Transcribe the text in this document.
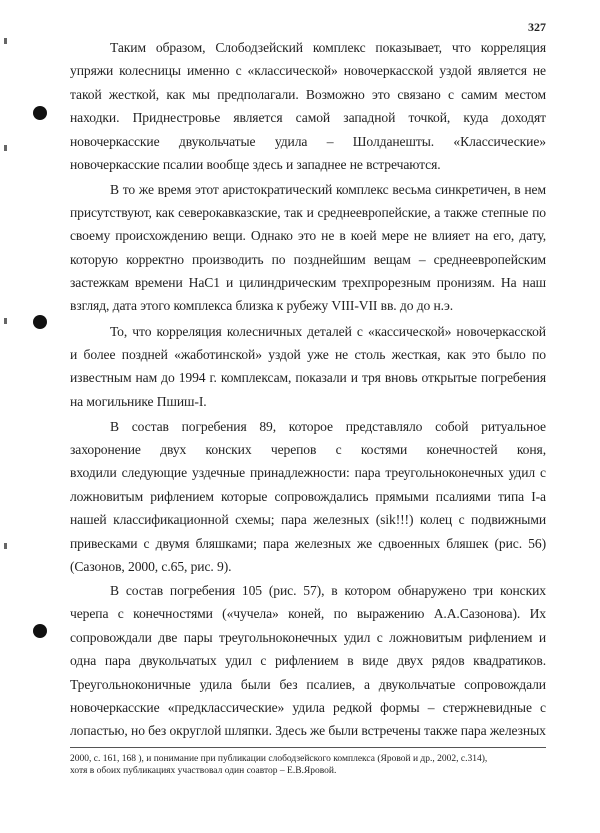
327
Таким образом, Слободзейский комплекс показывает, что корреляция
упряжи колесницы именно с «классической» новочеркасской уздой является не
такой жесткой, как мы предполагали. Возможно это связано с самим местом
находки. Приднестровье является самой западной точкой, куда доходят
новочеркасские двукольчатые удила – Шолданешты. «Классические»
новочеркасские псалии вообще здесь и западнее не встречаются.
В то же время этот аристократический комплекс весьма синкретичен, в нем
присутствуют, как северокавказские, так и среднеевропейские, а также степные по
своему происхождению вещи. Однако это не в коей мере не влияет на его, дату,
которую корректно производить по позднейшим вещам – среднеевропейским
застежкам времени НаС1 и цилиндрическим трехпрорезным пронизям. На наш
взгляд, дата этого комплекса близка к рубежу VIII-VII вв. до до н.э.
То, что корреляция колесничных деталей с «кассической» новочеркасской
и более поздней «жаботинской» уздой уже не столь жесткая, как это было по
известным нам до 1994 г. комплексам, показали и тря вновь открытые погребения
на могильнике Пшиш-I.
В состав погребения 89, которое представляло собой ритуальное
захоронение двух конских черепов с костями конечностей коня,
входили следующие уздечные принадлежности: пара треугольноконечных удил с
ложновитым рифлением которые сопровождались прямыми псалиями типа I-а
нашей классификационной схемы; пара железных (sik!!!) колец с подвижными
привесками с двумя бляшками; пара железных же сдвоенных бляшек (рис. 56)
(Сазонов, 2000, с.65, рис. 9).
В состав погребения 105 (рис. 57), в котором обнаружено три конских
черепа с конечностями («чучела» коней, по выражению А.А.Сазонова). Их
сопровождали две пары треугольноконечных удил с ложновитым рифлением и
одна пара двукольчатых удил с рифлением в виде двух рядов квадратиков.
Треугольноконичные удила были без псалиев, а двукольчатые сопровождали
новочеркасские «предклассические» удила редкой формы – стержневидные с
лопастью, но без округлой шляпки. Здесь же были встречены также пара железных
2000, с. 161, 168 ), и понимание при публикации слободзейского комплекса (Яровой и др., 2002, с.314),
хотя в обоих публикациях участвовал один соавтор – Е.В.Яровой.
